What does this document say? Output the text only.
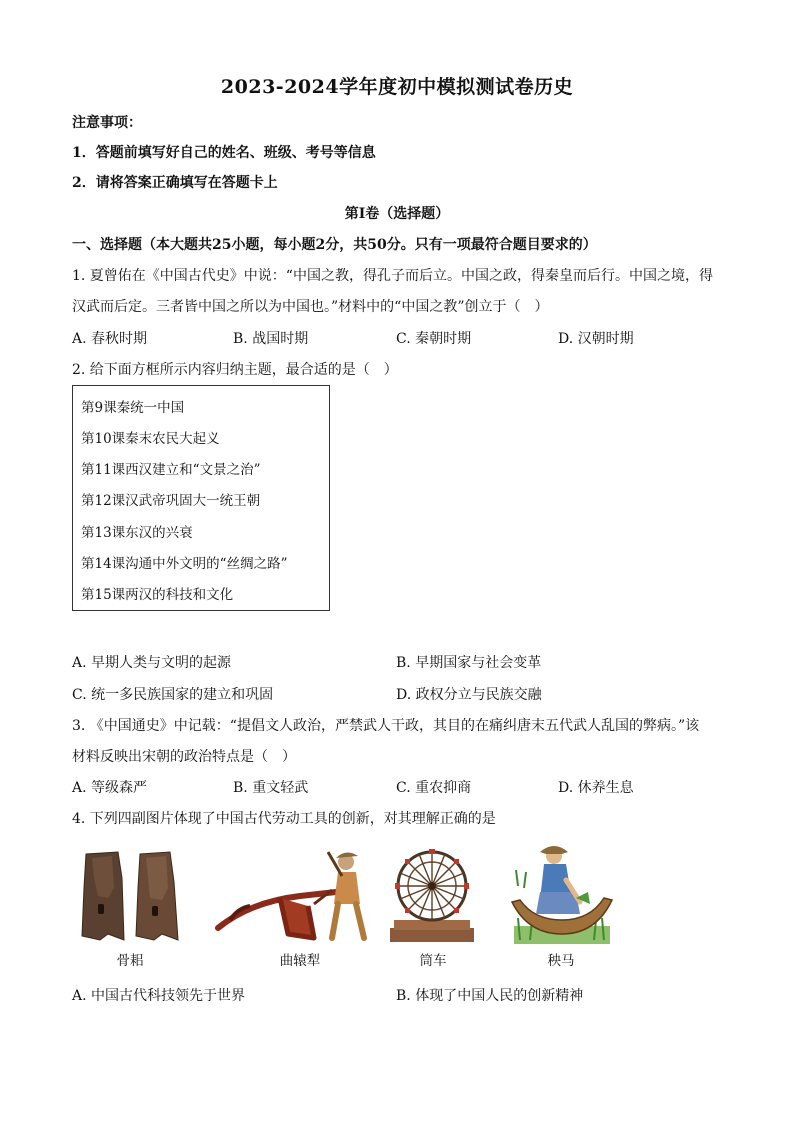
2023-2024学年度初中模拟测试卷历史
注意事项：
1．答题前填写好自己的姓名、班级、考号等信息
2．请将答案正确填写在答题卡上
第I卷（选择题）
一、选择题（本大题共25小题，每小题2分，共50分。只有一项最符合题目要求的）
1. 夏曾佑在《中国古代史》中说：“中国之教，得孔子而后立。中国之政，得秦皇而后行。中国之境，得
汉武而后定。三者皆中国之所以为中国也。”材料中的“中国之教”创立于（　）
A. 春秋时期	B. 战国时期	C. 秦朝时期	D. 汉朝时期
2. 给下面方框所示内容归纳主题，最合适的是（　）
第9课秦统一中国
第10课秦末农民大起义
第11课西汉建立和“文景之治”
第12课汉武帝巩固大一统王朝
第13课东汉的兴衰
第14课沟通中外文明的“丝绸之路”
第15课两汉的科技和文化
A. 早期人类与文明的起源	B. 早期国家与社会变革
C. 统一多民族国家的建立和巩固	D. 政权分立与民族交融
3. 《中国通史》中记载：“提倡文人政治，严禁武人干政，其目的在痛纠唐末五代武人乱国的弊病。”该
材料反映出宋朝的政治特点是（　）
A. 等级森严	B. 重文轻武	C. 重农抑商	D. 休养生息
4. 下列四副图片体现了中国古代劳动工具的创新，对其理解正确的是
骨耜	曲辕犁	筒车	秧马
A. 中国古代科技领先于世界	B. 体现了中国人民的创新精神
